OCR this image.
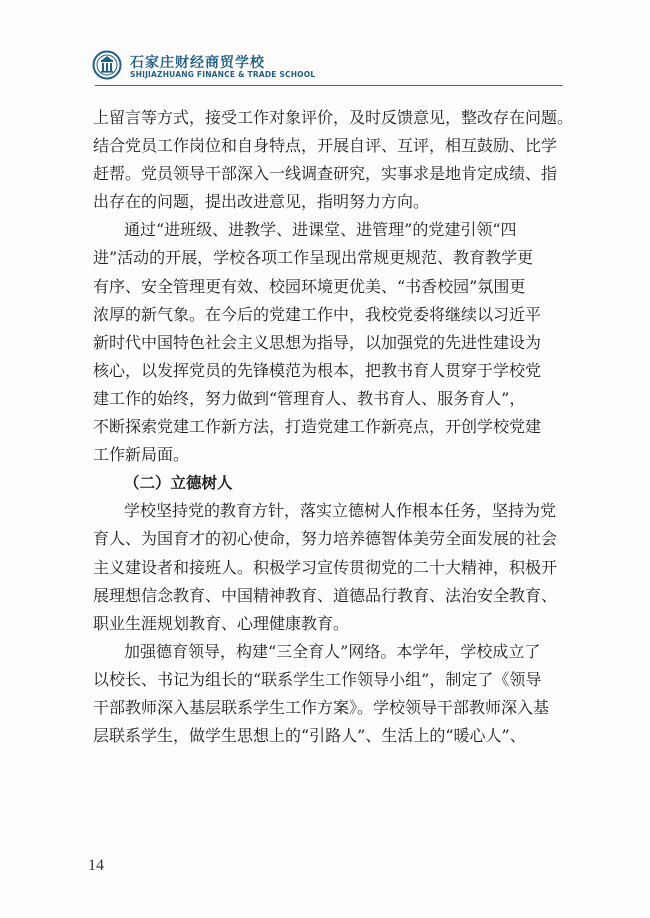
石家庄财经商贸学校
SHIJIAZHUANG FINANCE & TRADE SCHOOL
上留言等方式，接受工作对象评价，及时反馈意见，整改存在问题。
结合党员工作岗位和自身特点，开展自评、互评，相互鼓励、比学
赶帮。党员领导干部深入一线调查研究，实事求是地肯定成绩、指
出存在的问题，提出改进意见，指明努力方向。
通过“进班级、进教学、进课堂、进管理”的党建引领“四
进”活动的开展，学校各项工作呈现出常规更规范、教育教学更
有序、安全管理更有效、校园环境更优美、“书香校园”氛围更
浓厚的新气象。在今后的党建工作中，我校党委将继续以习近平
新时代中国特色社会主义思想为指导，以加强党的先进性建设为
核心，以发挥党员的先锋模范为根本，把教书育人贯穿于学校党
建工作的始终，努力做到“管理育人、教书育人、服务育人”，
不断探索党建工作新方法，打造党建工作新亮点，开创学校党建
工作新局面。
（二）立德树人
学校坚持党的教育方针，落实立德树人作根本任务，坚持为党
育人、为国育才的初心使命，努力培养德智体美劳全面发展的社会
主义建设者和接班人。积极学习宣传贯彻党的二十大精神，积极开
展理想信念教育、中国精神教育、道德品行教育、法治安全教育、
职业生涯规划教育、心理健康教育。
加强德育领导，构建“三全育人”网络。本学年，学校成立了
以校长、书记为组长的“联系学生工作领导小组”，制定了《领导
干部教师深入基层联系学生工作方案》。学校领导干部教师深入基
层联系学生，做学生思想上的“引路人”、生活上的“暖心人”、
14
